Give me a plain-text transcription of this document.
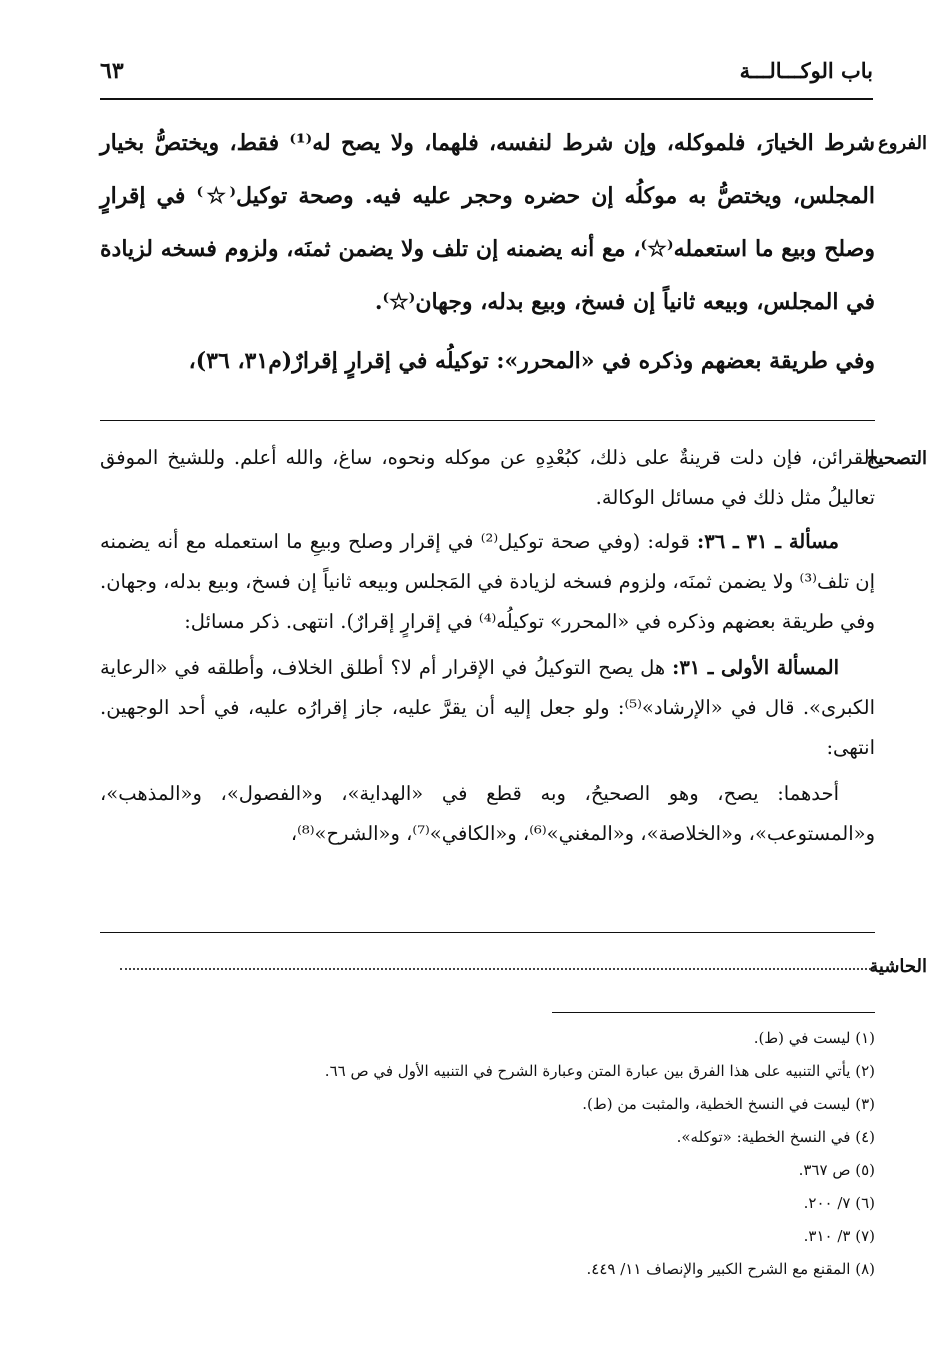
باب الوكـــالـــة
٦٣
الفروع

شرط الخيارَ، فلموكله، وإن شرط لنفسه، فلهما، ولا يصح له⁽¹⁾ فقط، ويختصُّ بخيار المجلس، ويختصُّ به موكلُه إن حضره وحجر عليه فيه. وصحة توكيل⁽☆⁾ في إقرارٍ وصلح وبيع ما استعمله⁽☆⁾، مع أنه يضمنه إن تلف ولا يضمن ثمنَه، ولزوم فسخه لزيادة في المجلس، وبيعه ثانياً إن فسخ، وبيع بدله، وجهان⁽☆⁾.

وفي طريقة بعضهم وذكره في «المحرر»: توكيلُه في إقرارٍ إقرارٌ(م٣١، ٣٦)،

التصحيح

القرائن، فإن دلت قرينةٌ على ذلك، كبُعْدِهِ عن موكله ونحوه، ساغ، والله أعلم. وللشيخ الموفق تعاليلُ مثل ذلك في مسائل الوكالة.

مسألة ـ ٣١ ـ ٣٦: قوله: (وفي صحة توكيل⁽²⁾ في إقرار وصلح وبيعِ ما استعمله مع أنه يضمنه إن تلف⁽³⁾ ولا يضمن ثمنَه، ولزوم فسخه لزيادة في المَجلس وبيعه ثانياً إن فسخ، وبيع بدله، وجهان. وفي طريقة بعضهم وذكره في «المحرر» توكيلُه⁽⁴⁾ في إقرارٍ إقرارٌ). انتهى. ذكر مسائل:

المسألة الأولى ـ ٣١: هل يصح التوكيلُ في الإقرار أم لا؟ أطلق الخلاف، وأطلقه في «الرعاية الكبرى». قال في «الإرشاد»⁽⁵⁾: ولو جعل إليه أن يقرَّ عليه، جاز إقرارُه عليه، في أحد الوجهين. انتهى:

أحدهما: يصح، وهو الصحيحُ، وبه قطع في «الهداية»، و«الفصول»، و«المذهب»، و«المستوعب»، و«الخلاصة»، و«المغني»⁽⁶⁾، و«الكافي»⁽⁷⁾، و«الشرح»⁽⁸⁾،

الحاشية
(١) ليست في (ط).
(٢) يأتي التنبيه على هذا الفرق بين عبارة المتن وعبارة الشرح في التنبيه الأول في ص ٦٦.
(٣) ليست في النسخ الخطية، والمثبت من (ط).
(٤) في النسخ الخطية: «توكله».
(٥) ص ٣٦٧.
(٦) ٧/ ٢٠٠.
(٧) ٣/ ٣١٠.
(٨) المقنع مع الشرح الكبير والإنصاف ١١/ ٤٤٩.
